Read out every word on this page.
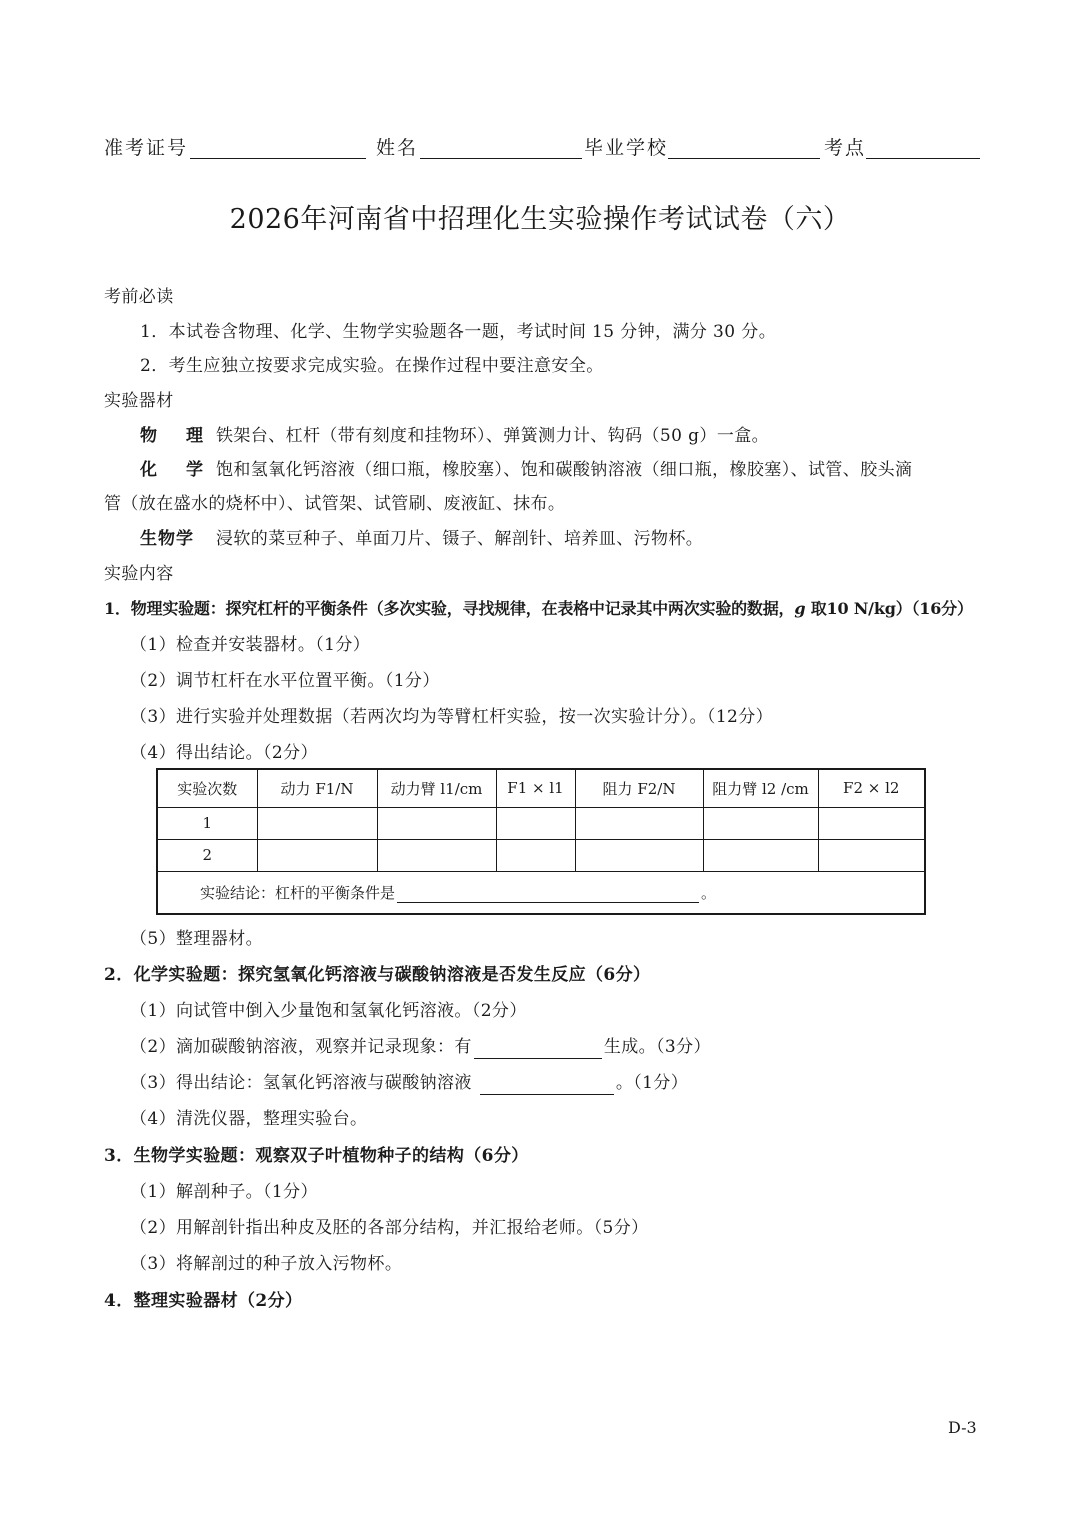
准考证号	姓名	毕业学校	考点
2026年河南省中招理化生实验操作考试试卷（六）
考前必读
1．本试卷含物理、化学、生物学实验题各一题，考试时间 15 分钟，满分 30 分。
2．考生应独立按要求完成实验。在操作过程中要注意安全。
实验器材
物　理 铁架台、杠杆（带有刻度和挂物环）、弹簧测力计、钩码（50 g）一盒。
化　学 饱和氢氧化钙溶液（细口瓶，橡胶塞）、饱和碳酸钠溶液（细口瓶，橡胶塞）、试管、胶头滴
管（放在盛水的烧杯中）、试管架、试管刷、废液缸、抹布。
生物学 浸软的菜豆种子、单面刀片、镊子、解剖针、培养皿、污物杯。
实验内容
1．物理实验题：探究杠杆的平衡条件（多次实验，寻找规律，在表格中记录其中两次实验的数据，g 取10 N/kg）（16分）
（1）检查并安装器材。（1分）
（2）调节杠杆在水平位置平衡。（1分）
（3）进行实验并处理数据（若两次均为等臂杠杆实验，按一次实验计分）。（12分）
（4）得出结论。（2分）
实验次数	动力 F1/N	动力臂 l1/cm	F1 × l1	阻力 F2/N	阻力臂 l2 /cm	F2 × l2
1						
2						
实验结论：杠杆的平衡条件是 。						
（5）整理器材。
2．化学实验题：探究氢氧化钙溶液与碳酸钠溶液是否发生反应（6分）
（1）向试管中倒入少量饱和氢氧化钙溶液。（2分）
（2）滴加碳酸钠溶液，观察并记录现象：有	生成。（3分）
（3）得出结论：氢氧化钙溶液与碳酸钠溶液	。（1分）
（4）清洗仪器，整理实验台。
3．生物学实验题：观察双子叶植物种子的结构（6分）
（1）解剖种子。（1分）
（2）用解剖针指出种皮及胚的各部分结构，并汇报给老师。（5分）
（3）将解剖过的种子放入污物杯。
4．整理实验器材（2分）
D-3
